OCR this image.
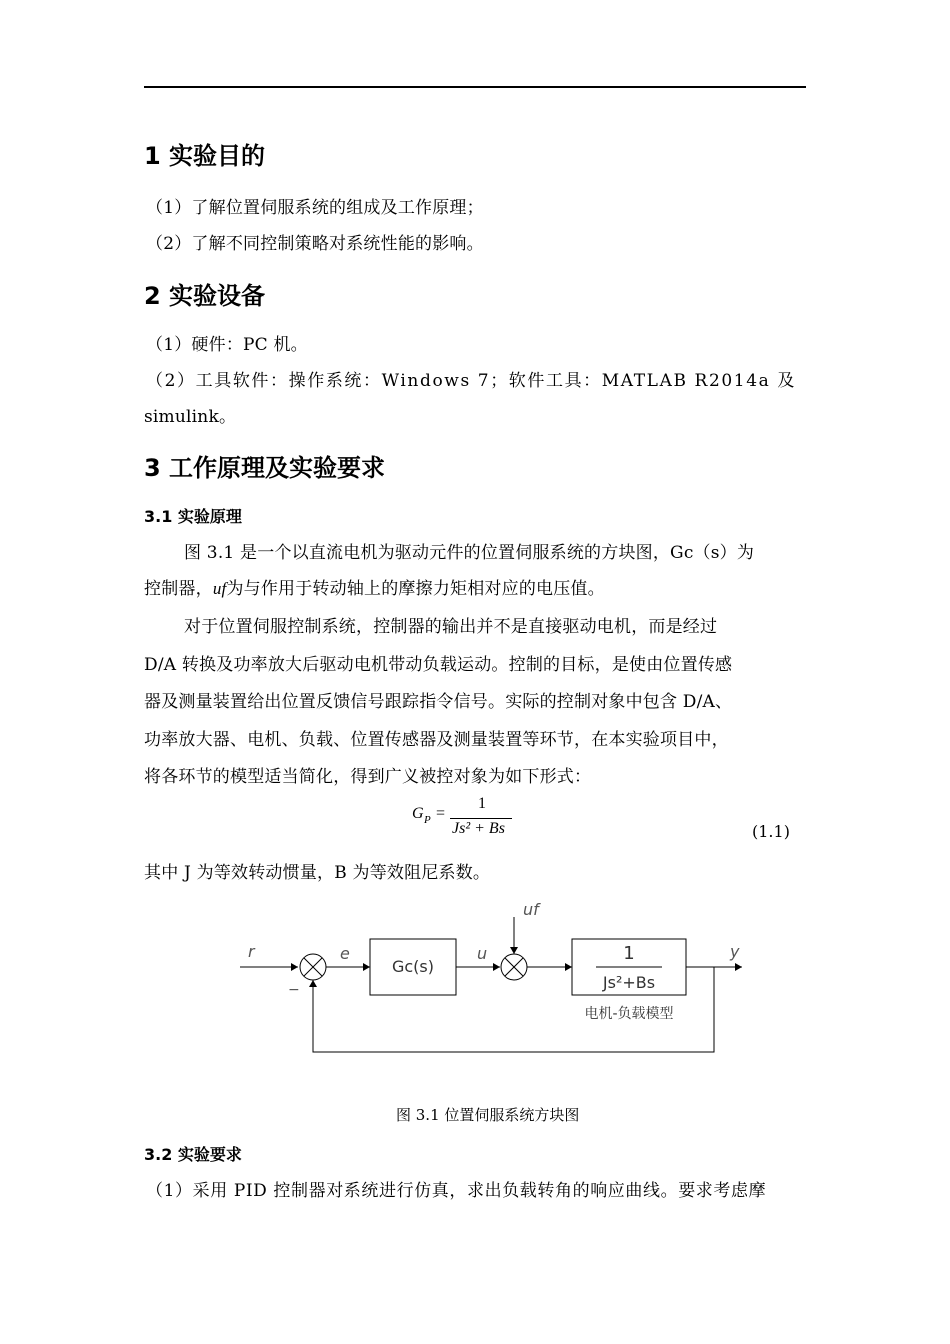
1 实验目的
（1）了解位置伺服系统的组成及工作原理；
（2）了解不同控制策略对系统性能的影响。
2 实验设备
（1）硬件：PC 机。
（2）工具软件：操作系统：Windows 7；软件工具：MATLAB R2014a 及
simulink。
3 工作原理及实验要求
3.1 实验原理
图 3.1 是一个以直流电机为驱动元件的位置伺服系统的方块图，Gc（s）为
控制器，uf为与作用于转动轴上的摩擦力矩相对应的电压值。
对于位置伺服控制系统，控制器的输出并不是直接驱动电机，而是经过
D/A 转换及功率放大后驱动电机带动负载运动。控制的目标，是使由位置传感
器及测量装置给出位置反馈信号跟踪指令信号。实际的控制对象中包含 D/A、
功率放大器、电机、负载、位置传感器及测量装置等环节，在本实验项目中，
将各环节的模型适当简化，得到广义被控对象为如下形式：
G P =
1
Js² + Bs	(1.1)
其中 J 为等效转动惯量，B 为等效阻尼系数。
r	e
Gc(s)
u
uf
1
Js²+Bs
y
−
电机-负载模型
图 3.1 位置伺服系统方块图
3.2 实验要求
（1）采用 PID 控制器对系统进行仿真，求出负载转角的响应曲线。要求考虑摩
